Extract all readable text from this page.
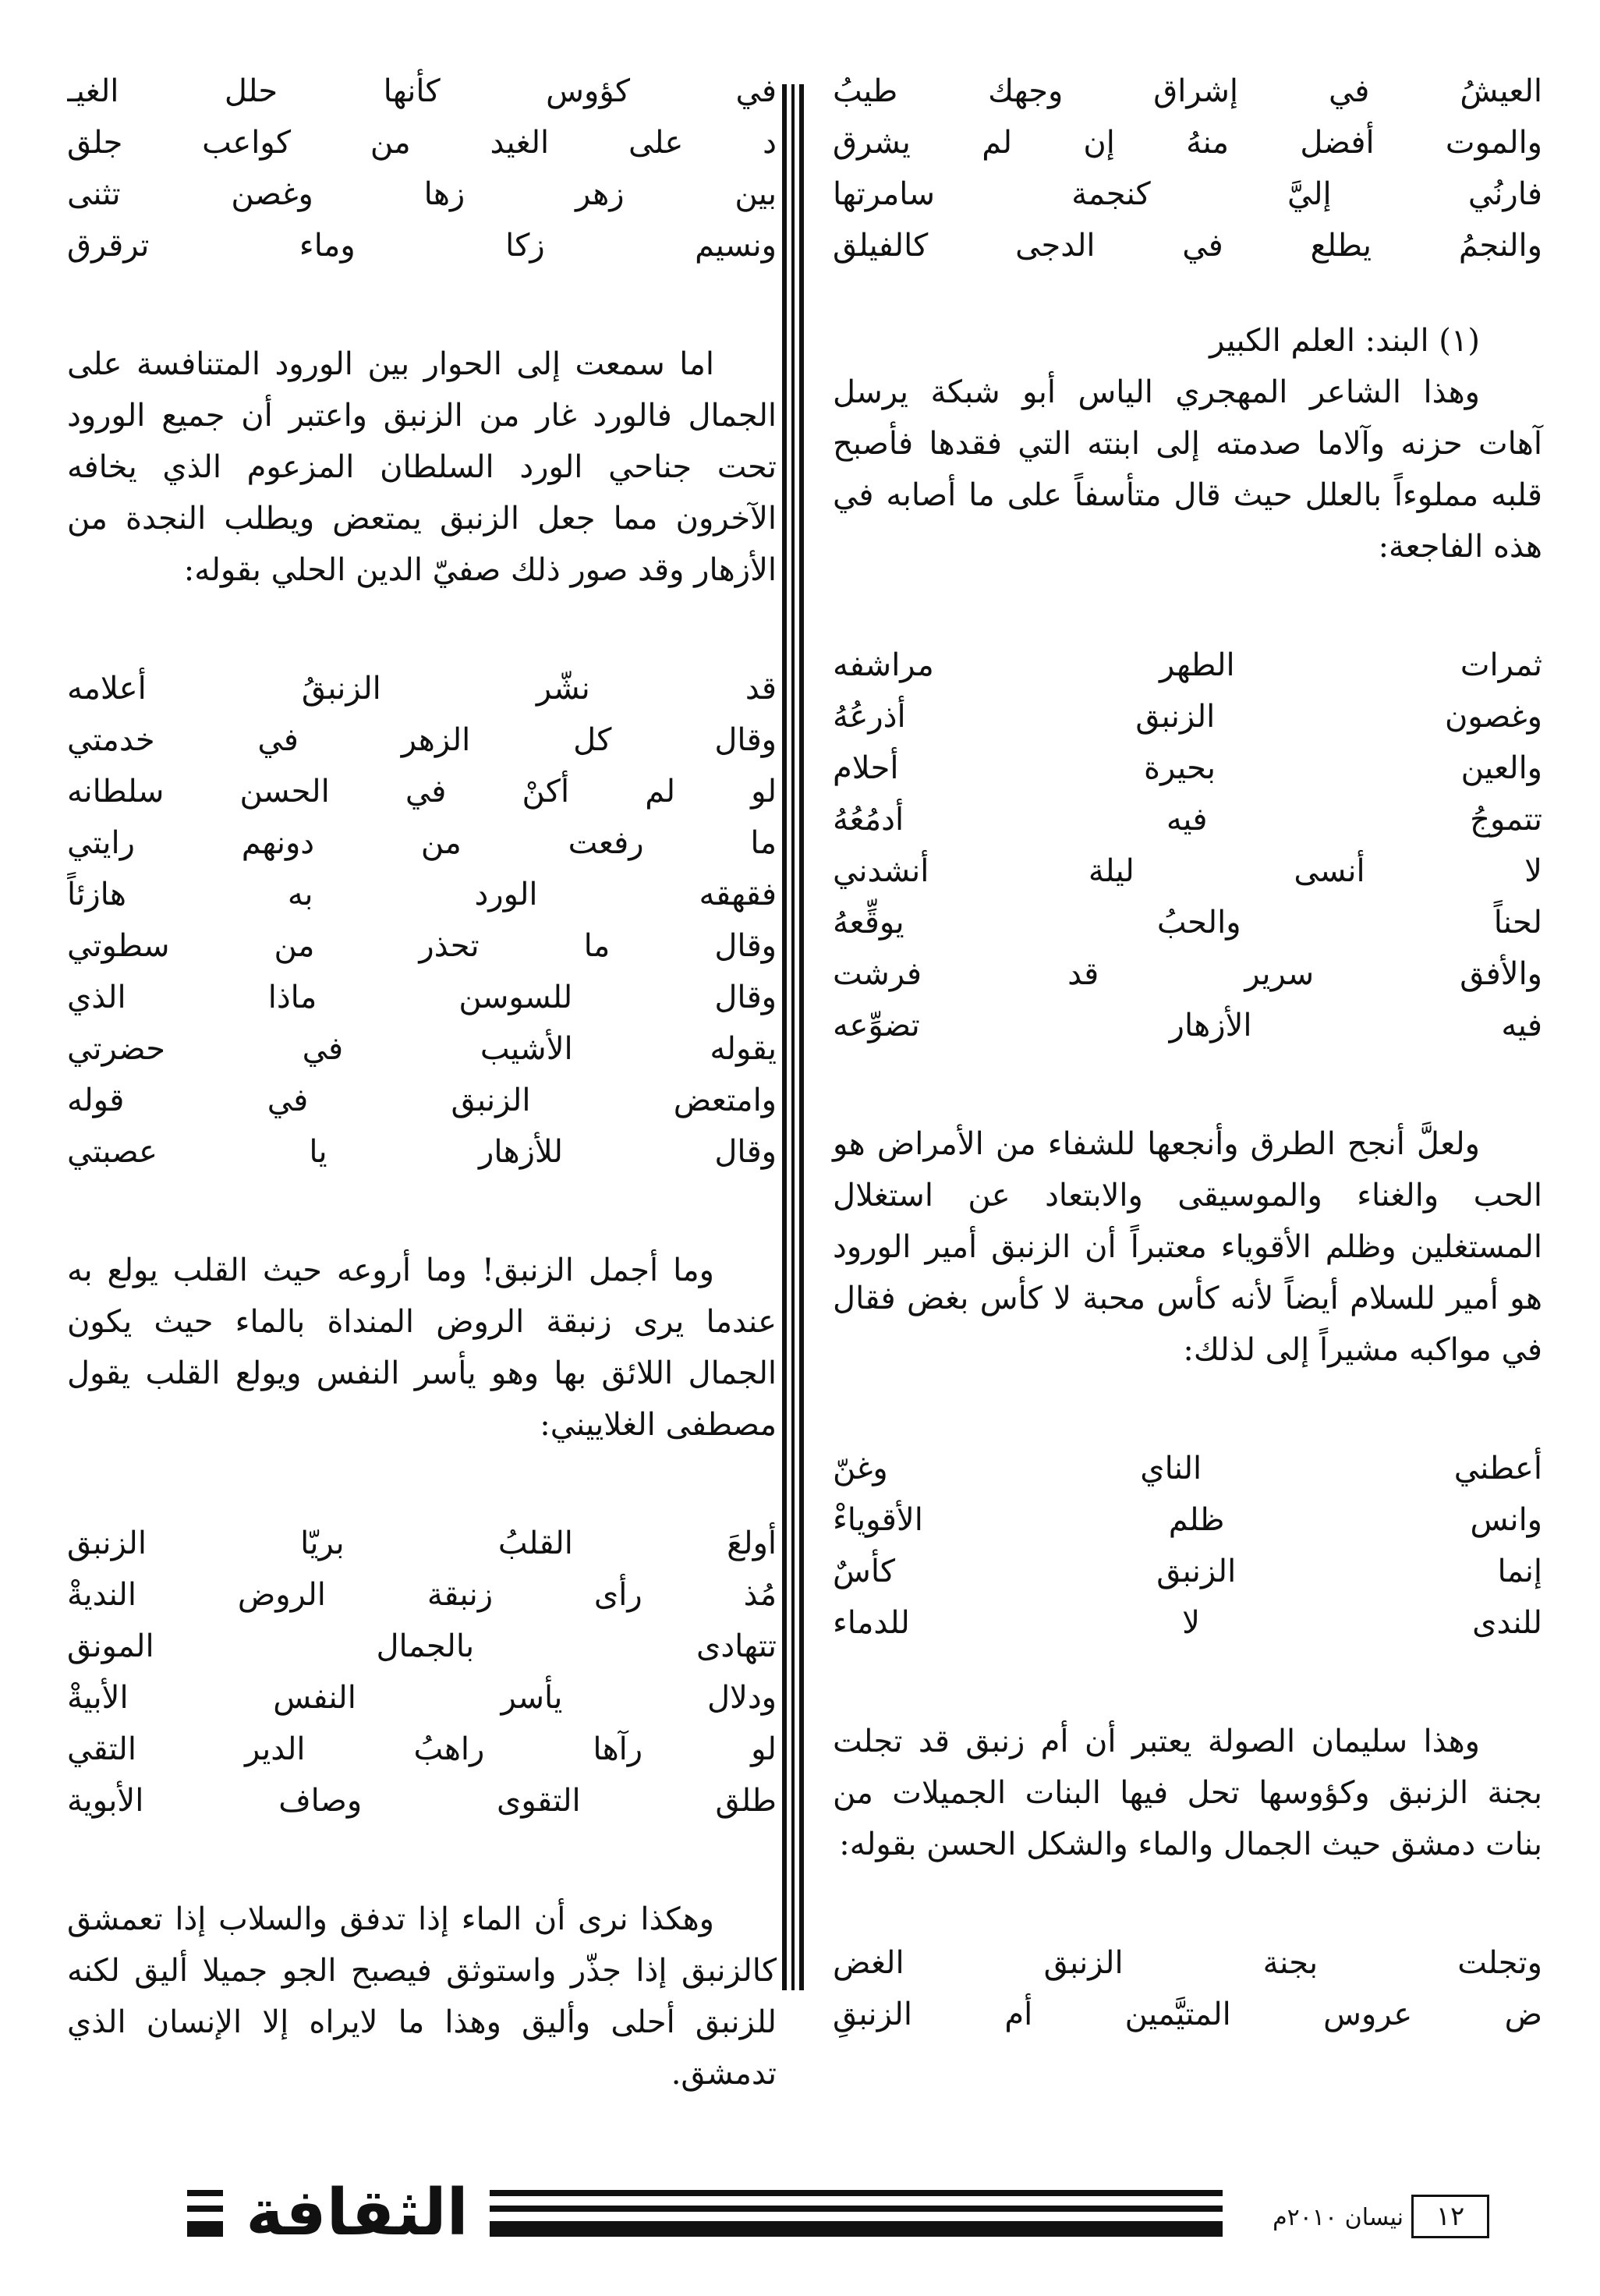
العيشُ في إشراق وجهك طيبُ
والموت أفضل منهُ إن لم يشرق
فارنُي إليَّ كنجمة سامرتها
والنجمُ يطلع في الدجى كالفيلق

(١) البند: العلم الكبير

وهذا الشاعر المهجري الياس أبو شبكة يرسل آهات حزنه وآلاما صدمته إلى ابنته التي فقدها فأصبح قلبه مملوءاً بالعلل حيث قال متأسفاً على ما أصابه في هذه الفاجعة:

ثمرات الطهر مراشفه
وغصون الزنبق أذرعُهُ
والعين بحيرة أحلام
تتموجُ فيه أدمُعُهُ
لا أنسى ليلة أنشدني
لحناً والحبُ يوقِّعهُ
والأفق سرير قد فرشت
فيه الأزهار تضوِّعه

ولعلَّ أنجح الطرق وأنجعها للشفاء من الأمراض هو الحب والغناء والموسيقى والابتعاد عن استغلال المستغلين وظلم الأقوياء معتبراً أن الزنبق أمير الورود هو أمير للسلام أيضاً لأنه كأس محبة لا كأس بغض فقال في مواكبه مشيراً إلى لذلك:

أعطني الناي وغنّ
وانس ظلم الأقوياءْ
إنما الزنبق كأسٌ
للندى لا للدماء

وهذا سليمان الصولة يعتبر أن أم زنبق قد تجلت بجنة الزنبق وكؤوسها تحل فيها البنات الجميلات من بنات دمشق حيث الجمال والماء والشكل الحسن بقوله:

وتجلت بجنة الزنبق الغض
ض عروس المتيَّمين أم الزنبقِ
في كؤوس كأنها حلل الغيـ
د على الغيد من كواعب جلق
بين زهر زها وغصن تثنى
ونسيم زكا وماء ترقرق

اما سمعت إلى الحوار بين الورود المتنافسة على الجمال فالورد غار من الزنبق واعتبر أن جميع الورود تحت جناحي الورد السلطان المزعوم الذي يخافه الآخرون مما جعل الزنبق يمتعض ويطلب النجدة من الأزهار وقد صور ذلك صفيّ الدين الحلي بقوله:

قد نشّر الزنبقُ أعلامه
وقال كل الزهر في خدمتي
لو لم أكنْ في الحسن سلطانه
ما رفعت من دونهم رايتي
فقهقه الورد به هازئاً
وقال ما تحذر من سطوتي
وقال للسوسن ماذا الذي
يقوله الأشيب في حضرتي
وامتعض الزنبق في قوله
وقال للأزهار يا عصبتي

وما أجمل الزنبق! وما أروعه حيث القلب يولع به عندما يرى زنبقة الروض المنداة بالماء حيث يكون الجمال اللائق بها وهو يأسر النفس ويولع القلب يقول مصطفى الغلاييني:

أولعَ القلبُ بريّا الزنبق
مُذ رأى زنبقة الروض النديةْ
تتهادى بالجمال المونق
ودلال يأسر النفس الأبيةْ
لو رآها راهبُ الدير التقي
طلق التقوى وصاف الأبوية

وهكذا نرى أن الماء إذا تدفق والسلاب إذا تعمشق كالزنبق إذا جذّر واستوثق فيصبح الجو جميلا أليق لكنه للزنبق أحلى وأليق وهذا ما لايراه إلا الإنسان الذي تدمشق.

الثقافة	نيسان ٢٠١٠م	١٢
